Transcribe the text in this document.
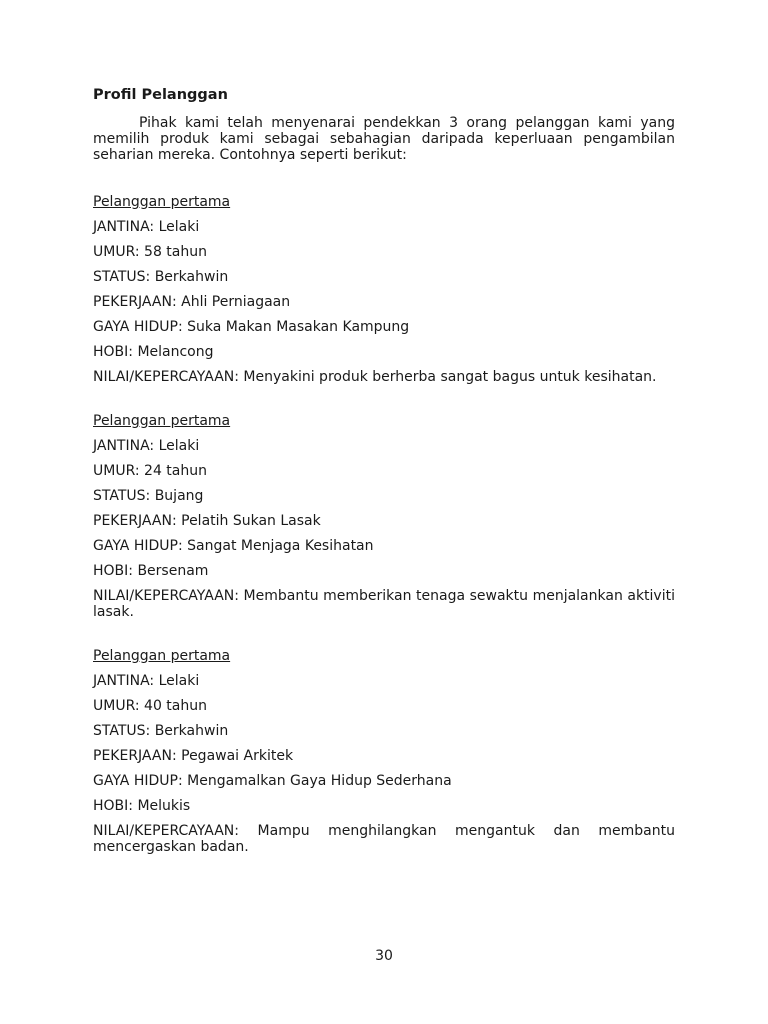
Profil Pelanggan

Pihak kami telah menyenarai pendekkan 3 orang pelanggan kami yang memilih produk kami sebagai sebahagian daripada keperluaan pengambilan seharian mereka. Contohnya seperti berikut:

Pelanggan pertama

JANTINA : Lelaki

UMUR : 58 tahun

STATUS : Berkahwin

PEKERJAAN : Ahli Perniagaan

GAYA HIDUP : Suka Makan Masakan Kampung

HOBI : Melancong

NILAI/KEPERCAYAAN : Menyakini produk berherba sangat bagus untuk kesihatan.

Pelanggan pertama

JANTINA : Lelaki

UMUR : 24 tahun

STATUS : Bujang

PEKERJAAN : Pelatih Sukan Lasak

GAYA HIDUP : Sangat Menjaga Kesihatan

HOBI : Bersenam

NILAI/KEPERCAYAAN : Membantu memberikan tenaga sewaktu menjalankan aktiviti lasak.

Pelanggan pertama

JANTINA : Lelaki

UMUR : 40 tahun

STATUS : Berkahwin

PEKERJAAN : Pegawai Arkitek

GAYA HIDUP : Mengamalkan Gaya Hidup Sederhana

HOBI : Melukis

NILAI/KEPERCAYAAN : Mampu menghilangkan mengantuk dan membantu mencergaskan badan.

30
